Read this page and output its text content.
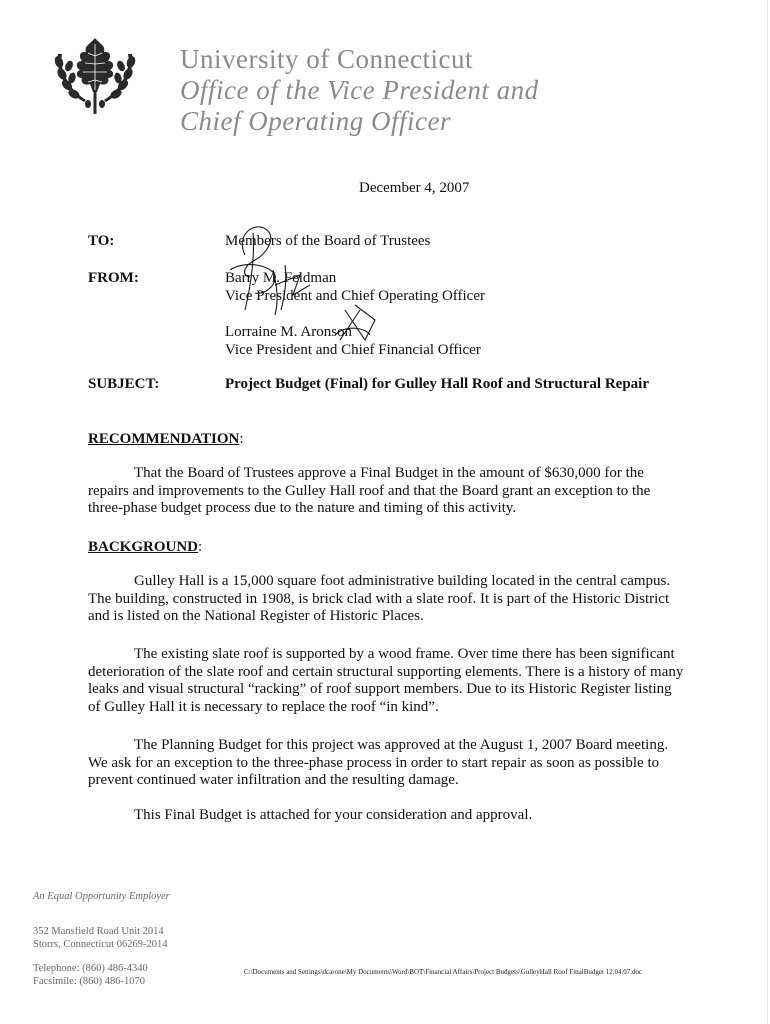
University of Connecticut
Office of the Vice President and
Chief Operating Officer
December 4, 2007
TO:	Members of the Board of Trustees
FROM:	Barry M. Feldman
Vice President and Chief Operating Officer
Lorraine M. Aronson
Vice President and Chief Financial Officer
SUBJECT:	Project Budget (Final) for Gulley Hall Roof and Structural Repair
RECOMMENDATION:
That the Board of Trustees approve a Final Budget in the amount of $630,000 for the repairs and improvements to the Gulley Hall roof and that the Board grant an exception to the three-phase budget process due to the nature and timing of this activity.
BACKGROUND:
Gulley Hall is a 15,000 square foot administrative building located in the central campus. The building, constructed in 1908, is brick clad with a slate roof. It is part of the Historic District and is listed on the National Register of Historic Places.
The existing slate roof is supported by a wood frame. Over time there has been significant deterioration of the slate roof and certain structural supporting elements. There is a history of many leaks and visual structural “racking” of roof support members. Due to its Historic Register listing of Gulley Hall it is necessary to replace the roof “in kind”.
The Planning Budget for this project was approved at the August 1, 2007 Board meeting. We ask for an exception to the three-phase process in order to start repair as soon as possible to prevent continued water infiltration and the resulting damage.
This Final Budget is attached for your consideration and approval.
An Equal Opportunity Employer
352 Mansfield Road Unit 2014
Storrs, Connecticut 06269-2014
Telephone: (860) 486-4340
Facsimile: (860) 486-1070
C:\Documents and Settings\dcarone\My Documents\Word\BOT\Financial Affairs\Project Budgets\GulleyHall Roof FinalBudget 12.04.07.doc
